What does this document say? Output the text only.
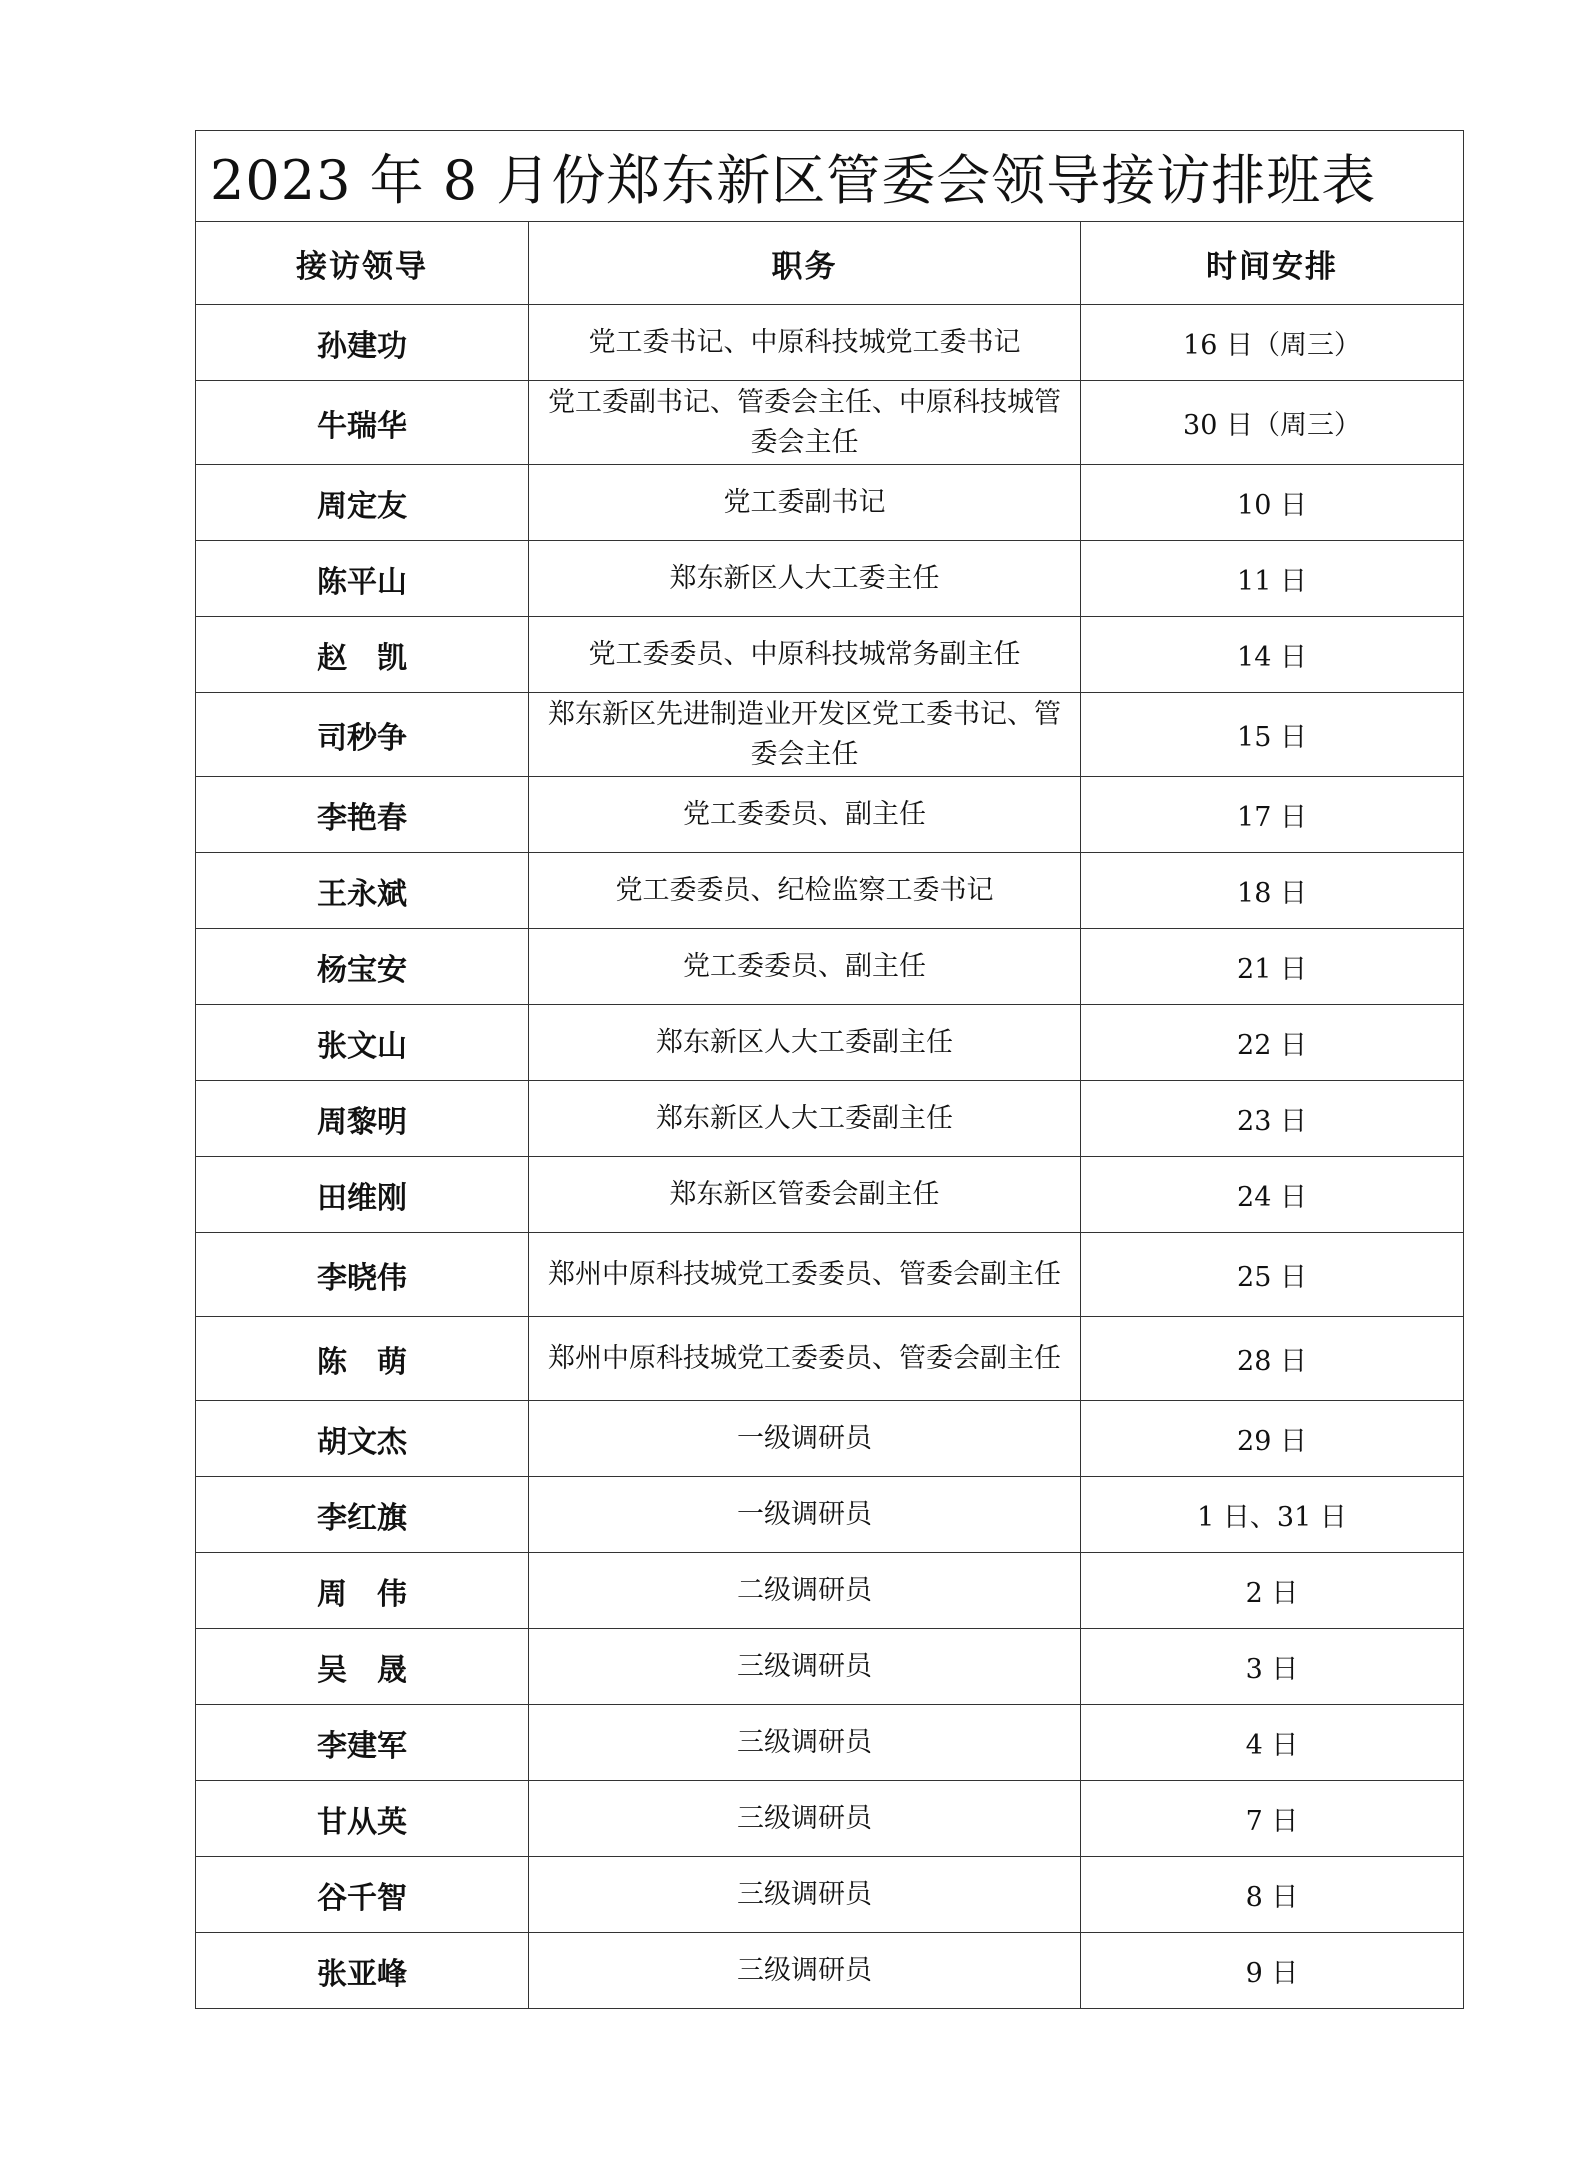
2023 年 8 月份郑东新区管委会领导接访排班表		
接访领导	职务	时间安排
孙建功	党工委书记、中原科技城党工委书记	16 日（周三）
牛瑞华	党工委副书记、管委会主任、中原科技城管委会主任	30 日（周三）
周定友	党工委副书记	10 日
陈平山	郑东新区人大工委主任	11 日
赵　凯	党工委委员、中原科技城常务副主任	14 日
司秒争	郑东新区先进制造业开发区党工委书记、管委会主任	15 日
李艳春	党工委委员、副主任	17 日
王永斌	党工委委员、纪检监察工委书记	18 日
杨宝安	党工委委员、副主任	21 日
张文山	郑东新区人大工委副主任	22 日
周黎明	郑东新区人大工委副主任	23 日
田维刚	郑东新区管委会副主任	24 日
李晓伟	郑州中原科技城党工委委员、管委会副主任	25 日
陈　萌	郑州中原科技城党工委委员、管委会副主任	28 日
胡文杰	一级调研员	29 日
李红旗	一级调研员	1 日、31 日
周　伟	二级调研员	2 日
吴　晟	三级调研员	3 日
李建军	三级调研员	4 日
甘从英	三级调研员	7 日
谷千智	三级调研员	8 日
张亚峰	三级调研员	9 日
